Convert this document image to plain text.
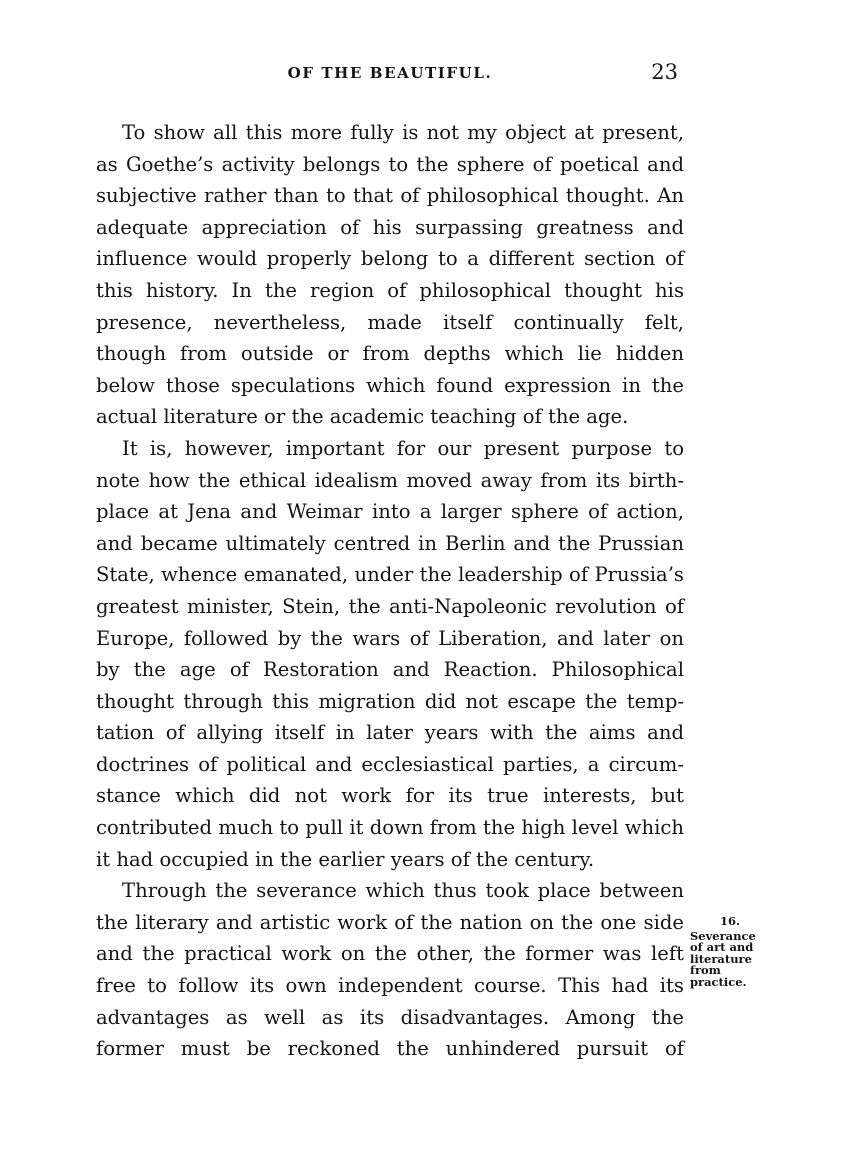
OF THE BEAUTIFUL.	23

To show all this more fully is not my object at present, as Goethe’s activity belongs to the sphere of poetical and subjective rather than to that of philosophical thought. An adequate appreciation of his surpassing greatness and influence would properly belong to a different section of this history. In the region of philosophical thought his presence, nevertheless, made itself continually felt, though from outside or from depths which lie hidden below those speculations which found expression in the actual literature or the academic teaching of the age.

It is, however, important for our present purpose to note how the ethical idealism moved away from its birthplace at Jena and Weimar into a larger sphere of action, and became ultimately centred in Berlin and the Prussian State, whence emanated, under the leadership of Prussia’s greatest minister, Stein, the anti-Napoleonic revolution of Europe, followed by the wars of Liberation, and later on by the age of Restoration and Reaction. Philosophical thought through this migration did not escape the temptation of allying itself in later years with the aims and doctrines of political and ecclesiastical parties, a circumstance which did not work for its true interests, but contributed much to pull it down from the high level which it had occupied in the earlier years of the century.

Through the severance which thus took place between the literary and artistic work of the nation on the one side and the practical work on the other, the former was left free to follow its own independent course. This had its advantages as well as its disadvantages. Among the former must be reckoned the unhindered pursuit of

16.
Severance of art and literature from practice.
